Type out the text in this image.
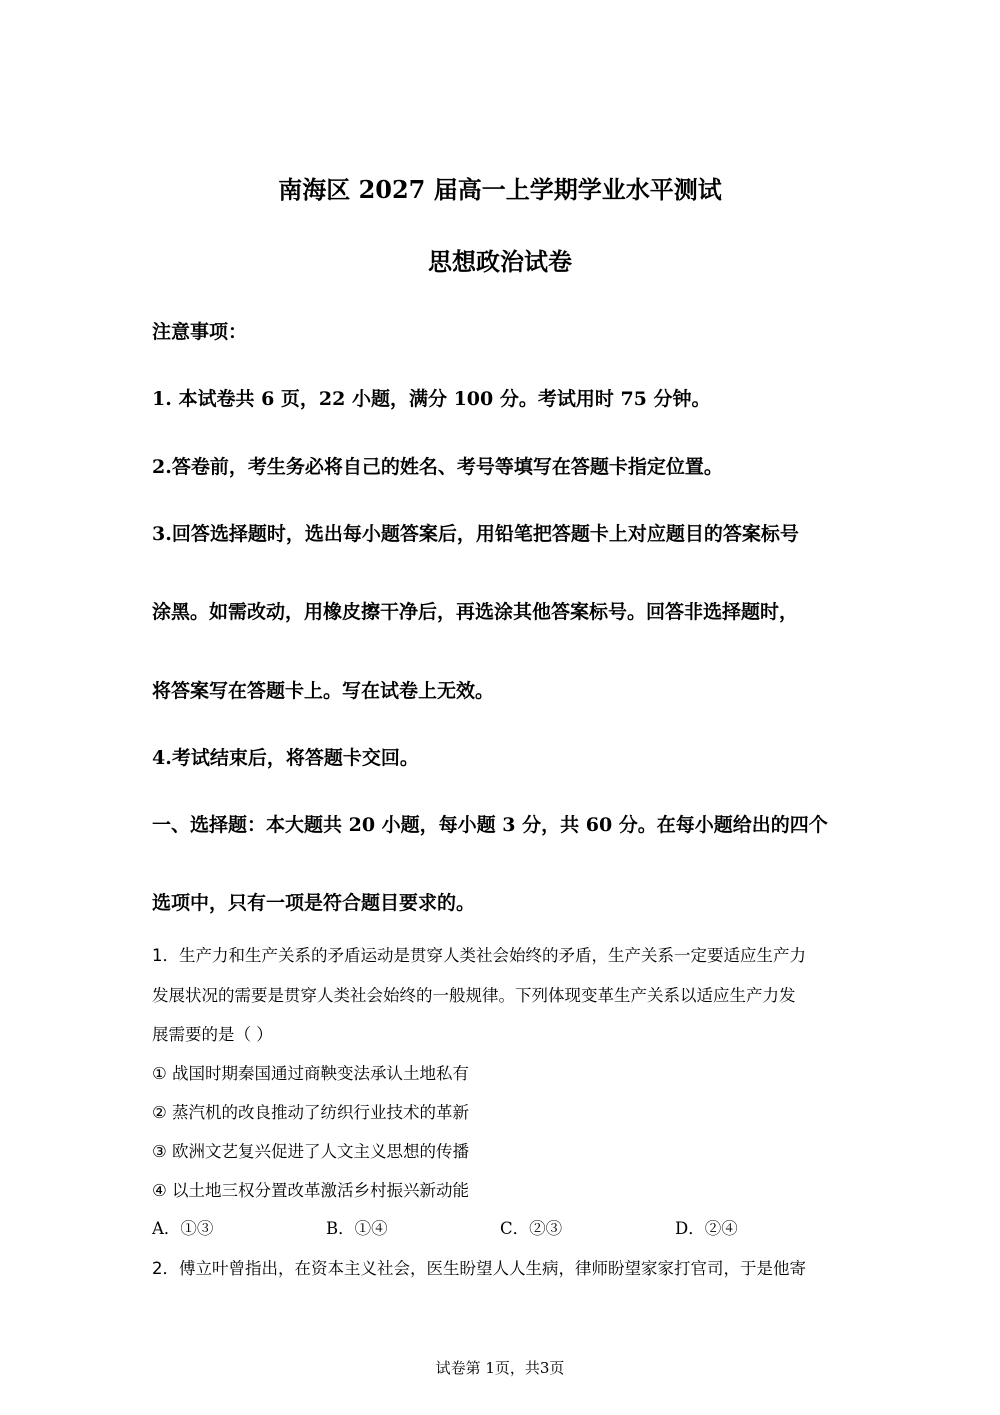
南海区 2027 届高一上学期学业水平测试
思想政治试卷
注意事项：
1. 本试卷共 6 页，22 小题，满分 100 分。考试用时 75 分钟。
2.答卷前，考生务必将自己的姓名、考号等填写在答题卡指定位置。
3.回答选择题时，选出每小题答案后，用铅笔把答题卡上对应题目的答案标号
涂黑。如需改动，用橡皮擦干净后，再选涂其他答案标号。回答非选择题时，
将答案写在答题卡上。写在试卷上无效。
4.考试结束后，将答题卡交回。
一、选择题：本大题共 20 小题，每小题 3 分，共 60 分。在每小题给出的四个
选项中，只有一项是符合题目要求的。
1．生产力和生产关系的矛盾运动是贯穿人类社会始终的矛盾，生产关系一定要适应生产力
发展状况的需要是贯穿人类社会始终的一般规律。下列体现变革生产关系以适应生产力发
展需要的是（ ）
① 战国时期秦国通过商鞅变法承认土地私有
② 蒸汽机的改良推动了纺织行业技术的革新
③ 欧洲文艺复兴促进了人文主义思想的传播
④ 以土地三权分置改革激活乡村振兴新动能
A．①③	B．①④	C．②③	D．②④
2．傅立叶曾指出，在资本主义社会，医生盼望人人生病，律师盼望家家打官司，于是他寄
试卷第 1页，共3页
